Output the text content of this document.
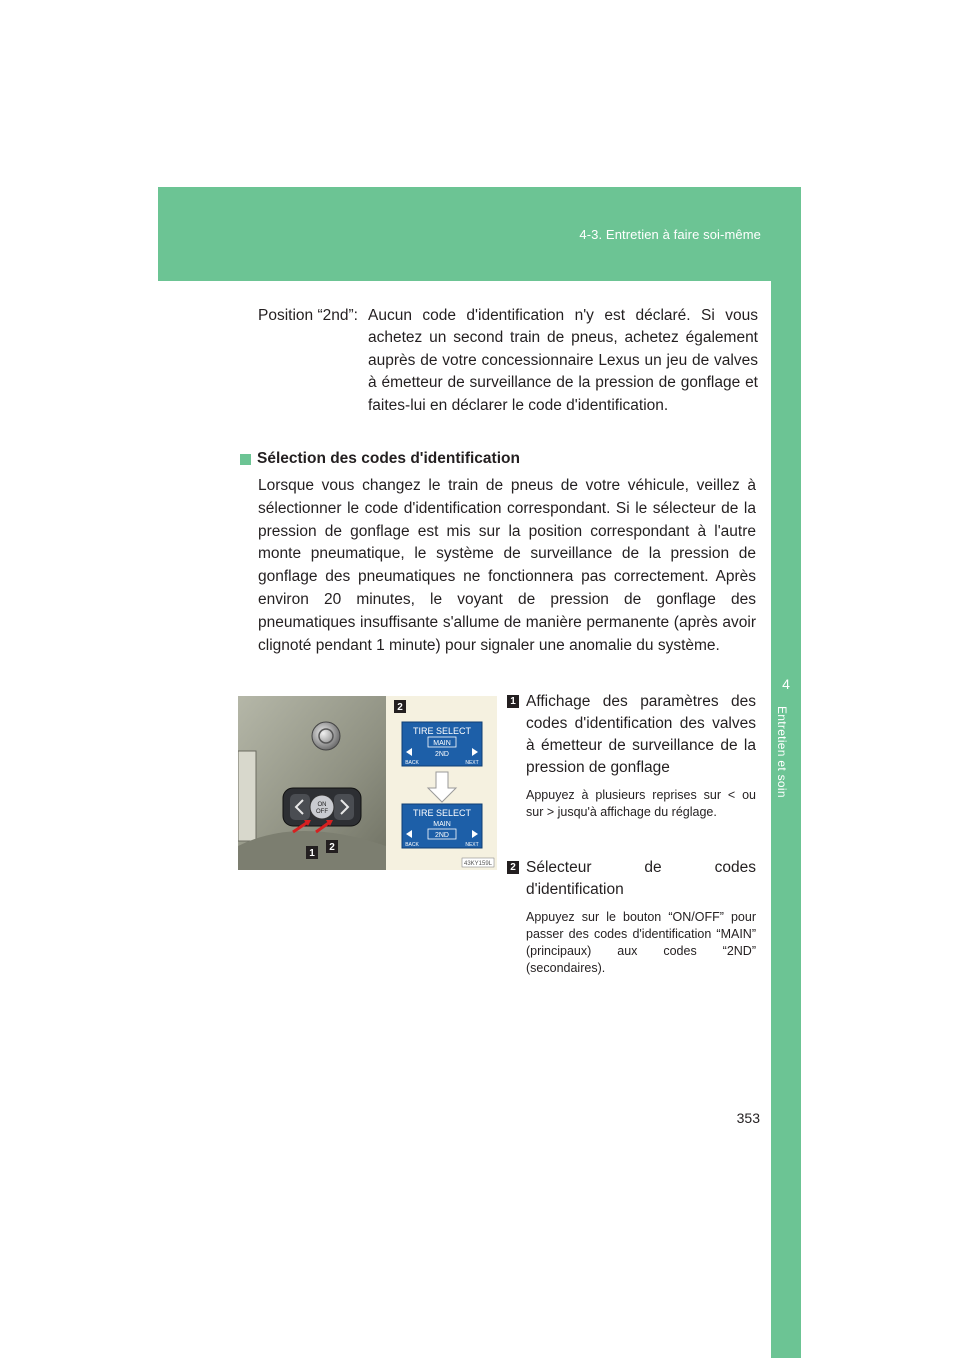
4-3. Entretien à faire soi-même
4
Entretien et soin
Position “2nd”: Aucun code d'identification n'y est déclaré. Si vous achetez un second train de pneus, achetez également auprès de votre concessionnaire Lexus un jeu de valves à émetteur de surveillance de la pression de gonflage et faites-lui en déclarer le code d'identification.
Sélection des codes d'identification
Lorsque vous changez le train de pneus de votre véhicule, veillez à sélectionner le code d'identification correspondant. Si le sélecteur de la pression de gonflage est mis sur la position correspondant à l'autre monte pneumatique, le système de surveillance de la pression de gonflage des pneumatiques ne fonctionnera pas correctement. Après environ 20 minutes, le voyant de pression de gonflage des pneumatiques insuffisante s'allume de manière permanente (après avoir clignoté pendant 1 minute) pour signaler une anomalie du système.
ON
OFF
1
2
2
TIRE SELECT
MAIN
2ND
BACK	NEXT
TIRE SELECT
MAIN
2ND
BACK	NEXT
43KY159L
1 Affichage des paramètres des codes d'identification des valves à émetteur de surveillance de la pression de gonflage
Appuyez à plusieurs reprises sur < ou sur > jusqu'à affichage du réglage.
2 Sélecteur de codes d'identification
Appuyez sur le bouton “ON/OFF” pour passer des codes d'identification “MAIN” (principaux) aux codes “2ND” (secondaires).
353
